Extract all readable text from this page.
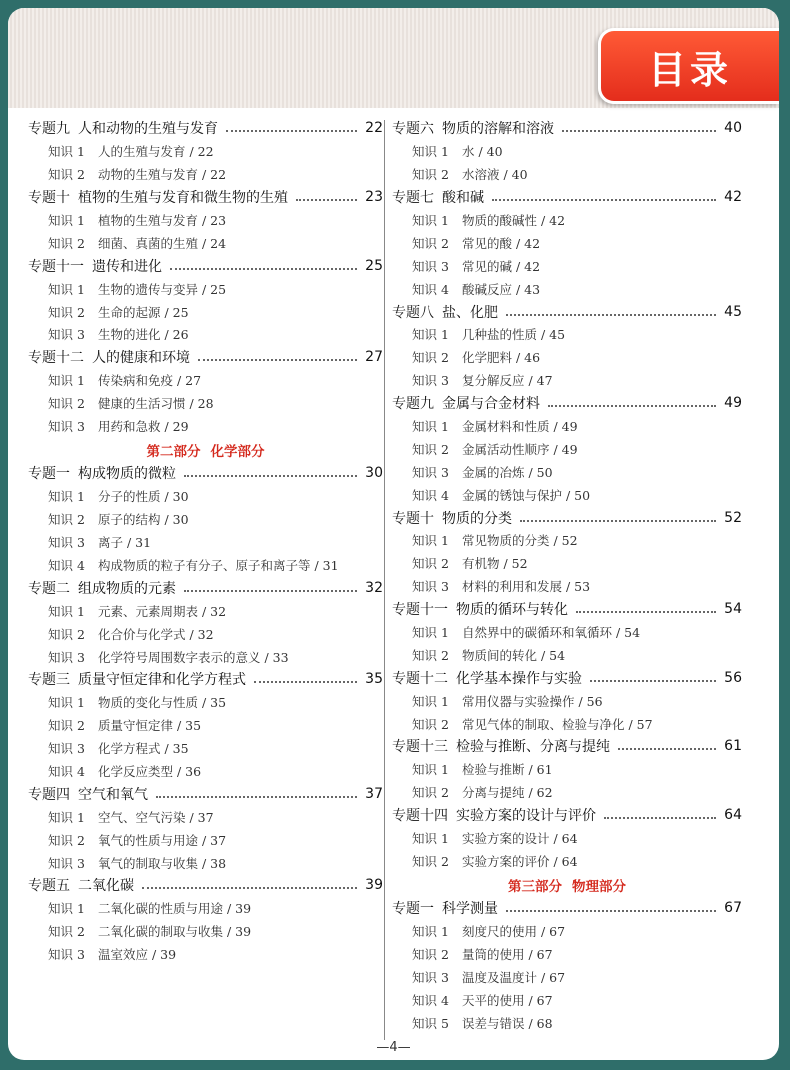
目录
专题九 人和动物的生殖与发育	22
知识 1	人的生殖与发育 / 22
知识 2	动物的生殖与发育 / 22
专题十 植物的生殖与发育和微生物的生殖	23
知识 1	植物的生殖与发育 / 23
知识 2	细菌、真菌的生殖 / 24
专题十一 遗传和进化	25
知识 1	生物的遗传与变异 / 25
知识 2	生命的起源 / 25
知识 3	生物的进化 / 26
专题十二 人的健康和环境	27
知识 1	传染病和免疫 / 27
知识 2	健康的生活习惯 / 28
知识 3	用药和急救 / 29
第二部分 化学部分
专题一 构成物质的微粒	30
知识 1	分子的性质 / 30
知识 2	原子的结构 / 30
知识 3	离子 / 31
知识 4	构成物质的粒子有分子、原子和离子等 / 31
专题二 组成物质的元素	32
知识 1	元素、元素周期表 / 32
知识 2	化合价与化学式 / 32
知识 3	化学符号周围数字表示的意义 / 33
专题三 质量守恒定律和化学方程式	35
知识 1	物质的变化与性质 / 35
知识 2	质量守恒定律 / 35
知识 3	化学方程式 / 35
知识 4	化学反应类型 / 36
专题四 空气和氧气	37
知识 1	空气、空气污染 / 37
知识 2	氧气的性质与用途 / 37
知识 3	氧气的制取与收集 / 38
专题五 二氧化碳	39
知识 1	二氧化碳的性质与用途 / 39
知识 2	二氧化碳的制取与收集 / 39
知识 3	温室效应 / 39
专题六 物质的溶解和溶液	40
知识 1	水 / 40
知识 2	水溶液 / 40
专题七 酸和碱	42
知识 1	物质的酸碱性 / 42
知识 2	常见的酸 / 42
知识 3	常见的碱 / 42
知识 4	酸碱反应 / 43
专题八 盐、化肥	45
知识 1	几种盐的性质 / 45
知识 2	化学肥料 / 46
知识 3	复分解反应 / 47
专题九 金属与合金材料	49
知识 1	金属材料和性质 / 49
知识 2	金属活动性顺序 / 49
知识 3	金属的冶炼 / 50
知识 4	金属的锈蚀与保护 / 50
专题十 物质的分类	52
知识 1	常见物质的分类 / 52
知识 2	有机物 / 52
知识 3	材料的利用和发展 / 53
专题十一 物质的循环与转化	54
知识 1	自然界中的碳循环和氧循环 / 54
知识 2	物质间的转化 / 54
专题十二 化学基本操作与实验	56
知识 1	常用仪器与实验操作 / 56
知识 2	常见气体的制取、检验与净化 / 57
专题十三 检验与推断、分离与提纯	61
知识 1	检验与推断 / 61
知识 2	分离与提纯 / 62
专题十四 实验方案的设计与评价	64
知识 1	实验方案的设计 / 64
知识 2	实验方案的评价 / 64
第三部分 物理部分
专题一 科学测量	67
知识 1	刻度尺的使用 / 67
知识 2	量筒的使用 / 67
知识 3	温度及温度计 / 67
知识 4	天平的使用 / 67
知识 5	误差与错误 / 68
—4—
